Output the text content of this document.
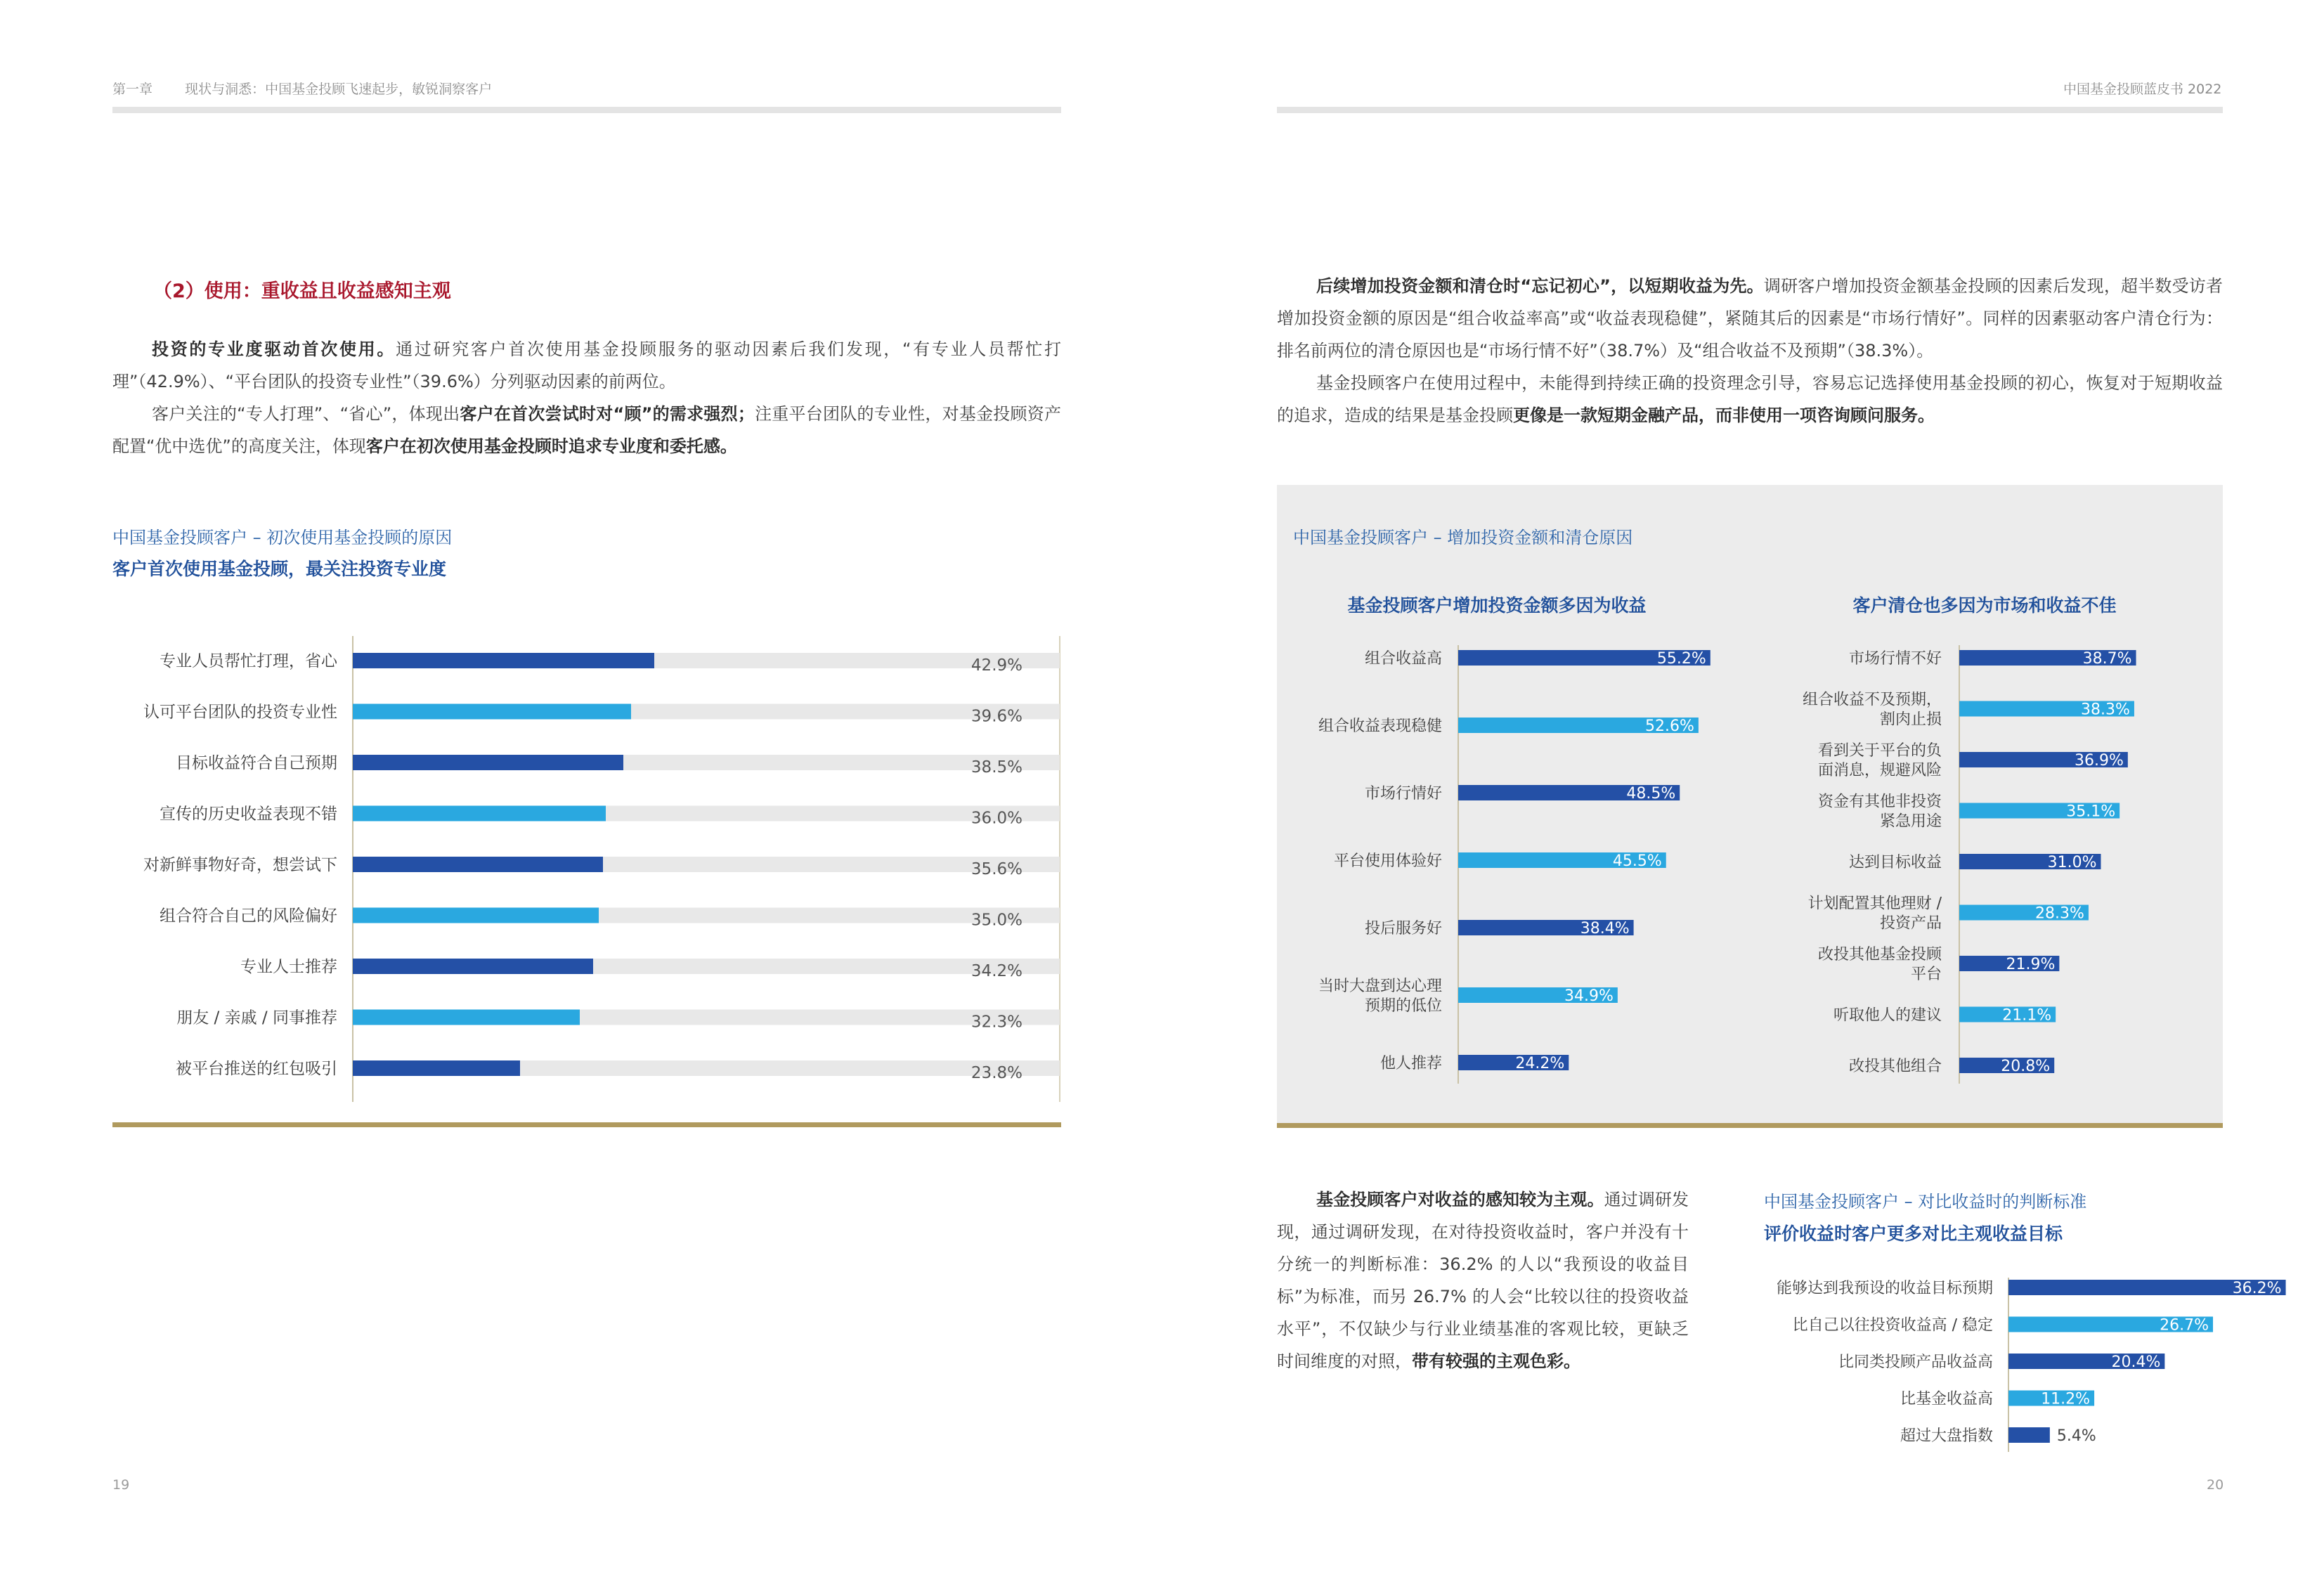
第一章 现状与洞悉：中国基金投顾飞速起步，敏锐洞察客户	中国基金投顾蓝皮书 2022
（2）使用：重收益且收益感知主观

投资的专业度驱动首次使用。通过研究客户首次使用基金投顾服务的驱动因素后我们发现，“有专业人员帮忙打理”（42.9%）、“平台团队的投资专业性”（39.6%）分列驱动因素的前两位。

客户关注的“专人打理”、“省心”，体现出客户在首次尝试时对“顾”的需求强烈；注重平台团队的专业性，对基金投顾资产配置“优中选优”的高度关注，体现客户在初次使用基金投顾时追求专业度和委托感。

中国基金投顾客户 – 初次使用基金投顾的原因
客户首次使用基金投顾，最关注投资专业度

后续增加投资金额和清仓时“忘记初心”，以短期收益为先。调研客户增加投资金额基金投顾的因素后发现，超半数受访者增加投资金额的原因是“组合收益率高”或“收益表现稳健”，紧随其后的因素是“市场行情好”。同样的因素驱动客户清仓行为：排名前两位的清仓原因也是“市场行情不好”（38.7%）及“组合收益不及预期”（38.3%）。

基金投顾客户在使用过程中，未能得到持续正确的投资理念引导，容易忘记选择使用基金投顾的初心，恢复对于短期收益的追求，造成的结果是基金投顾更像是一款短期金融产品，而非使用一项咨询顾问服务。

中国基金投顾客户 – 增加投资金额和清仓原因
基金投顾客户增加投资金额多因为收益	客户清仓也多因为市场和收益不佳

基金投顾客户对收益的感知较为主观。通过调研发现，通过调研发现，在对待投资收益时，客户并没有十分统一的判断标准：36.2% 的人以“我预设的收益目标”为标准，而另 26.7% 的人会“比较以往的投资收益水平”，不仅缺少与行业业绩基准的客观比较，更缺乏时间维度的对照，带有较强的主观色彩。

中国基金投顾客户 – 对比收益时的判断标准
评价收益时客户更多对比主观收益目标
19	20
专业人员帮忙打理，省心	42.9%
认可平台团队的投资专业性	39.6%
目标收益符合自己预期	38.5%
宣传的历史收益表现不错	36.0%
对新鲜事物好奇，想尝试下	35.6%
组合符合自己的风险偏好	35.0%
专业人士推荐	34.2%
朋友 / 亲戚 / 同事推荐	32.3%
被平台推送的红包吸引	23.8%
组合收益高	55.2%
组合收益表现稳健	52.6%
市场行情好	48.5%
平台使用体验好	45.5%
投后服务好	38.4%
当时大盘到达心理
预期的低位
34.9%
他人推荐	24.2%
市场行情不好	38.7%
组合收益不及预期，
割肉止损
38.3%
看到关于平台的负
面消息，规避风险
36.9%
资金有其他非投资
紧急用途
35.1%
达到目标收益	31.0%
计划配置其他理财 /
投资产品
28.3%
改投其他基金投顾
平台
21.9%
听取他人的建议	21.1%
改投其他组合	20.8%
能够达到我预设的收益目标预期	36.2%
比自己以往投资收益高 / 稳定	26.7%
比同类投顾产品收益高	20.4%
比基金收益高	11.2%
超过大盘指数	5.4%
